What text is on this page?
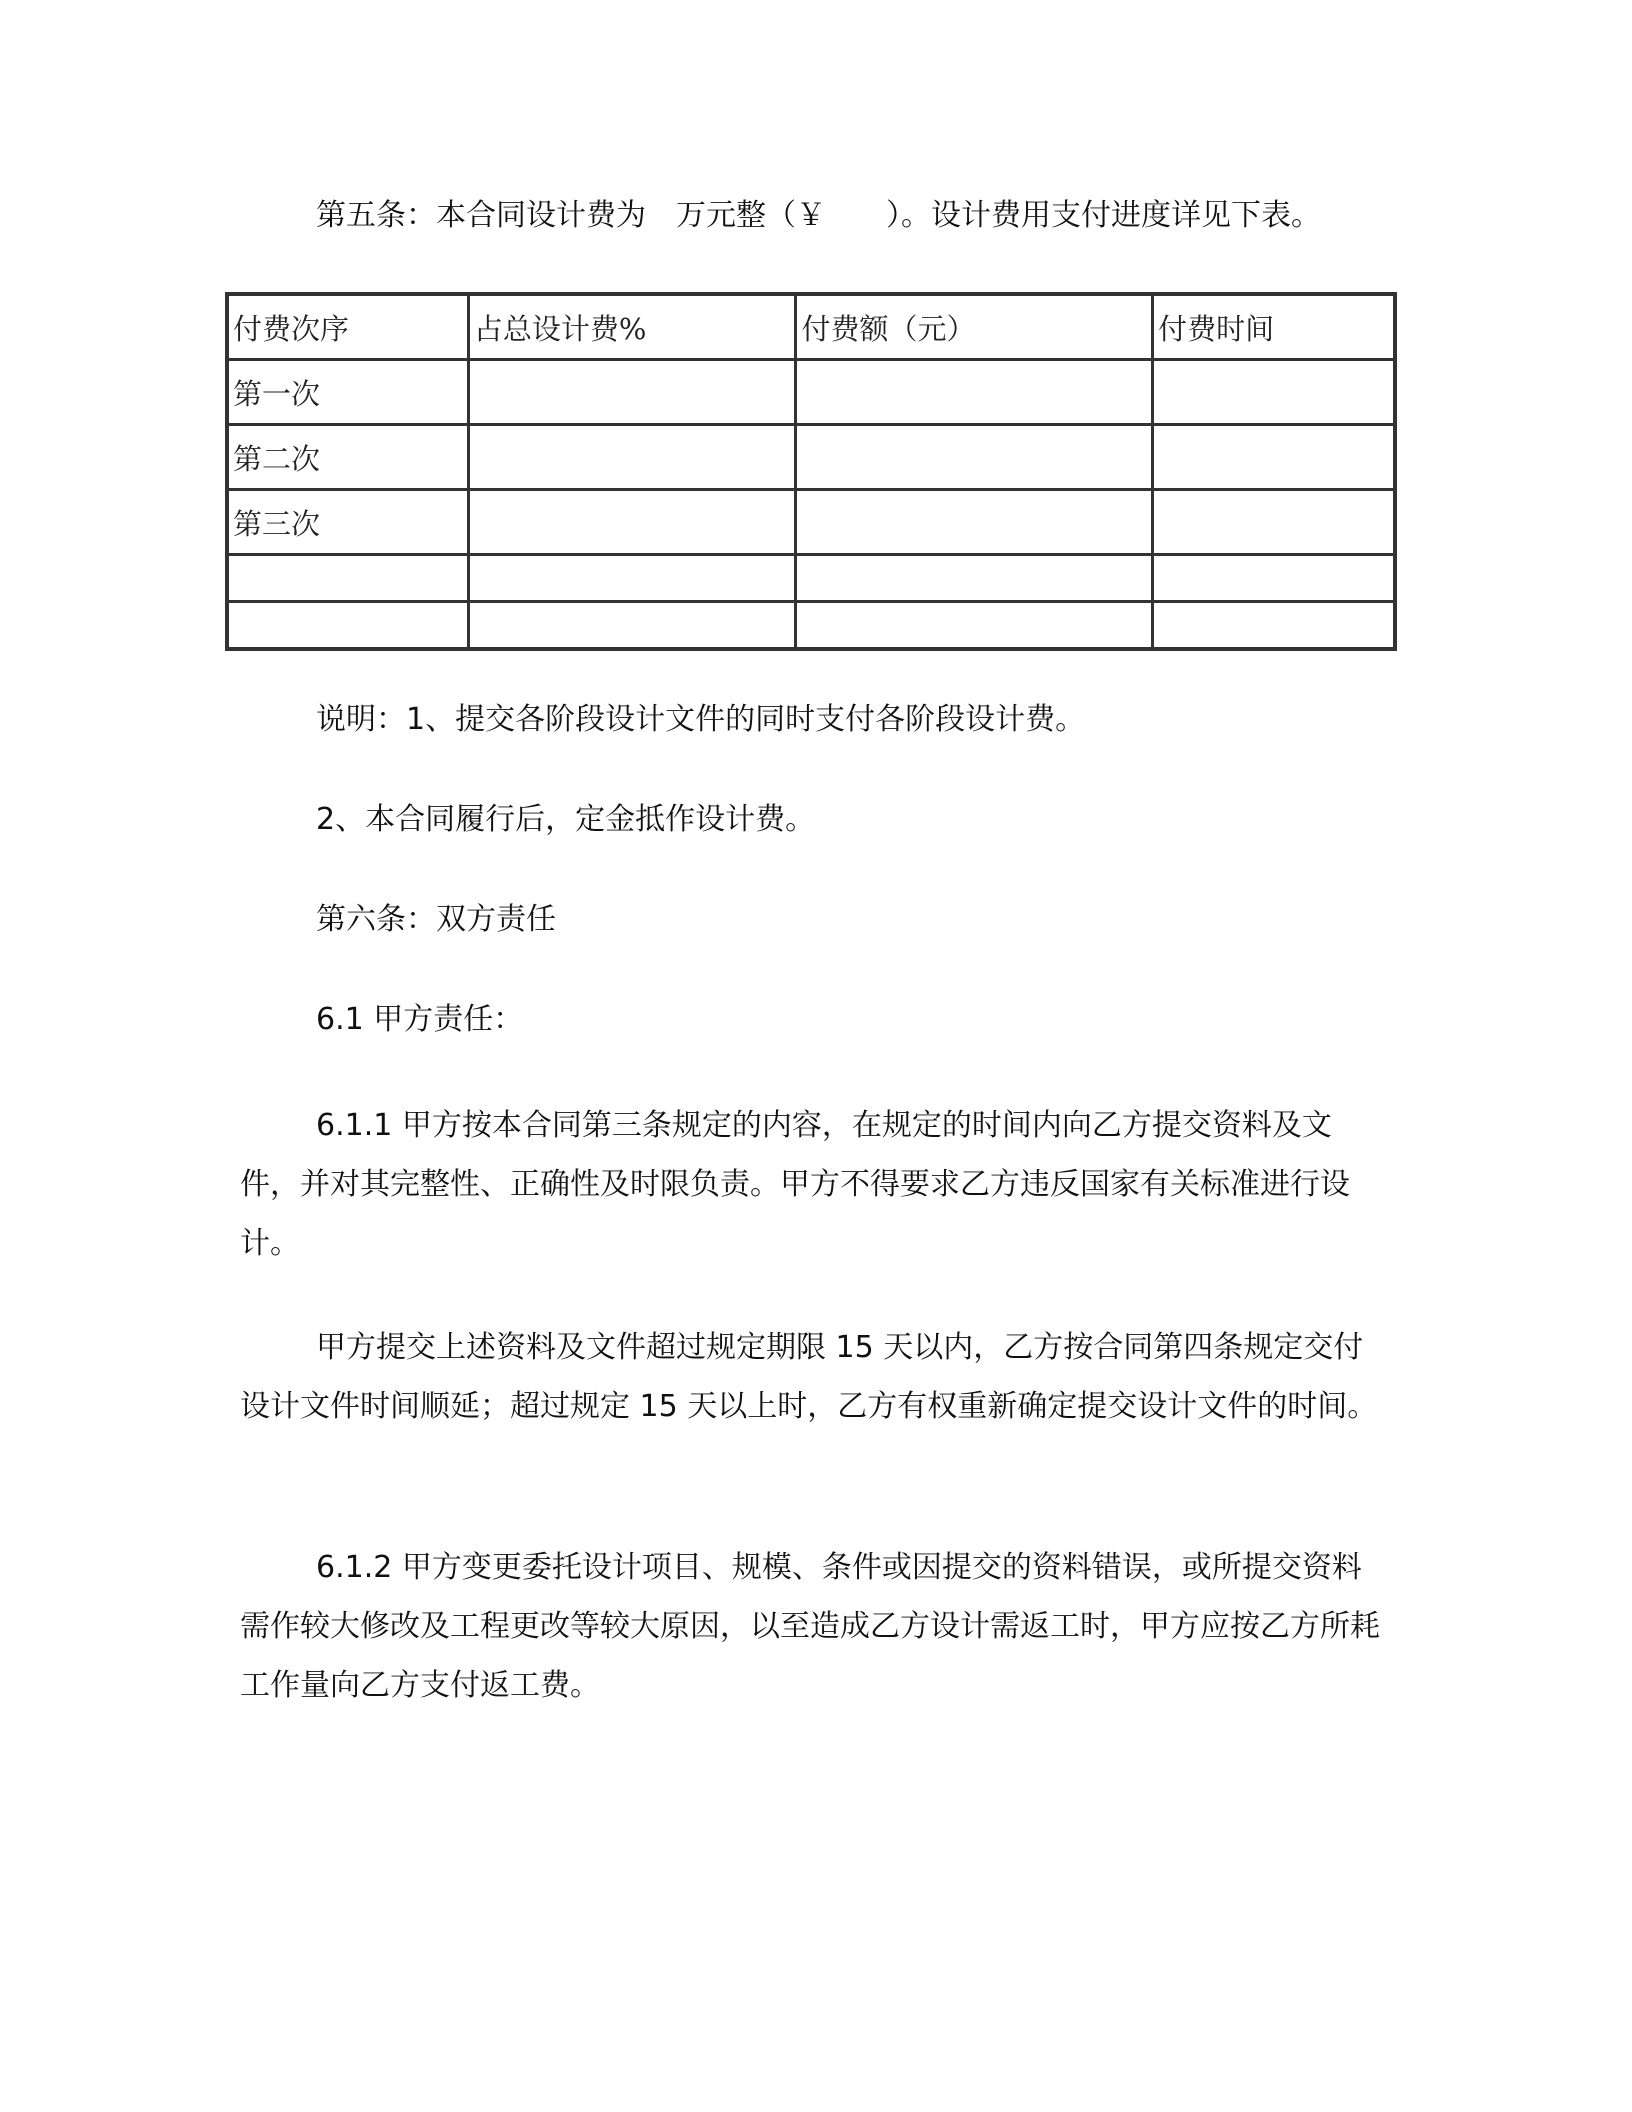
第五条：本合同设计费为　万元整（￥　　）。设计费用支付进度详见下表。

付费次序	占总设计费%	付费额（元）	付费时间
第一次			
第二次			
第三次			

说明：1、提交各阶段设计文件的同时支付各阶段设计费。

2、本合同履行后，定金抵作设计费。

第六条：双方责任

6.1 甲方责任：

6.1.1 甲方按本合同第三条规定的内容，在规定的时间内向乙方提交资料及文件，并对其完整性、正确性及时限负责。甲方不得要求乙方违反国家有关标准进行设计。

甲方提交上述资料及文件超过规定期限 15 天以内，乙方按合同第四条规定交付设计文件时间顺延；超过规定 15 天以上时，乙方有权重新确定提交设计文件的时间。

6.1.2 甲方变更委托设计项目、规模、条件或因提交的资料错误，或所提交资料需作较大修改及工程更改等较大原因，以至造成乙方设计需返工时，甲方应按乙方所耗工作量向乙方支付返工费。
